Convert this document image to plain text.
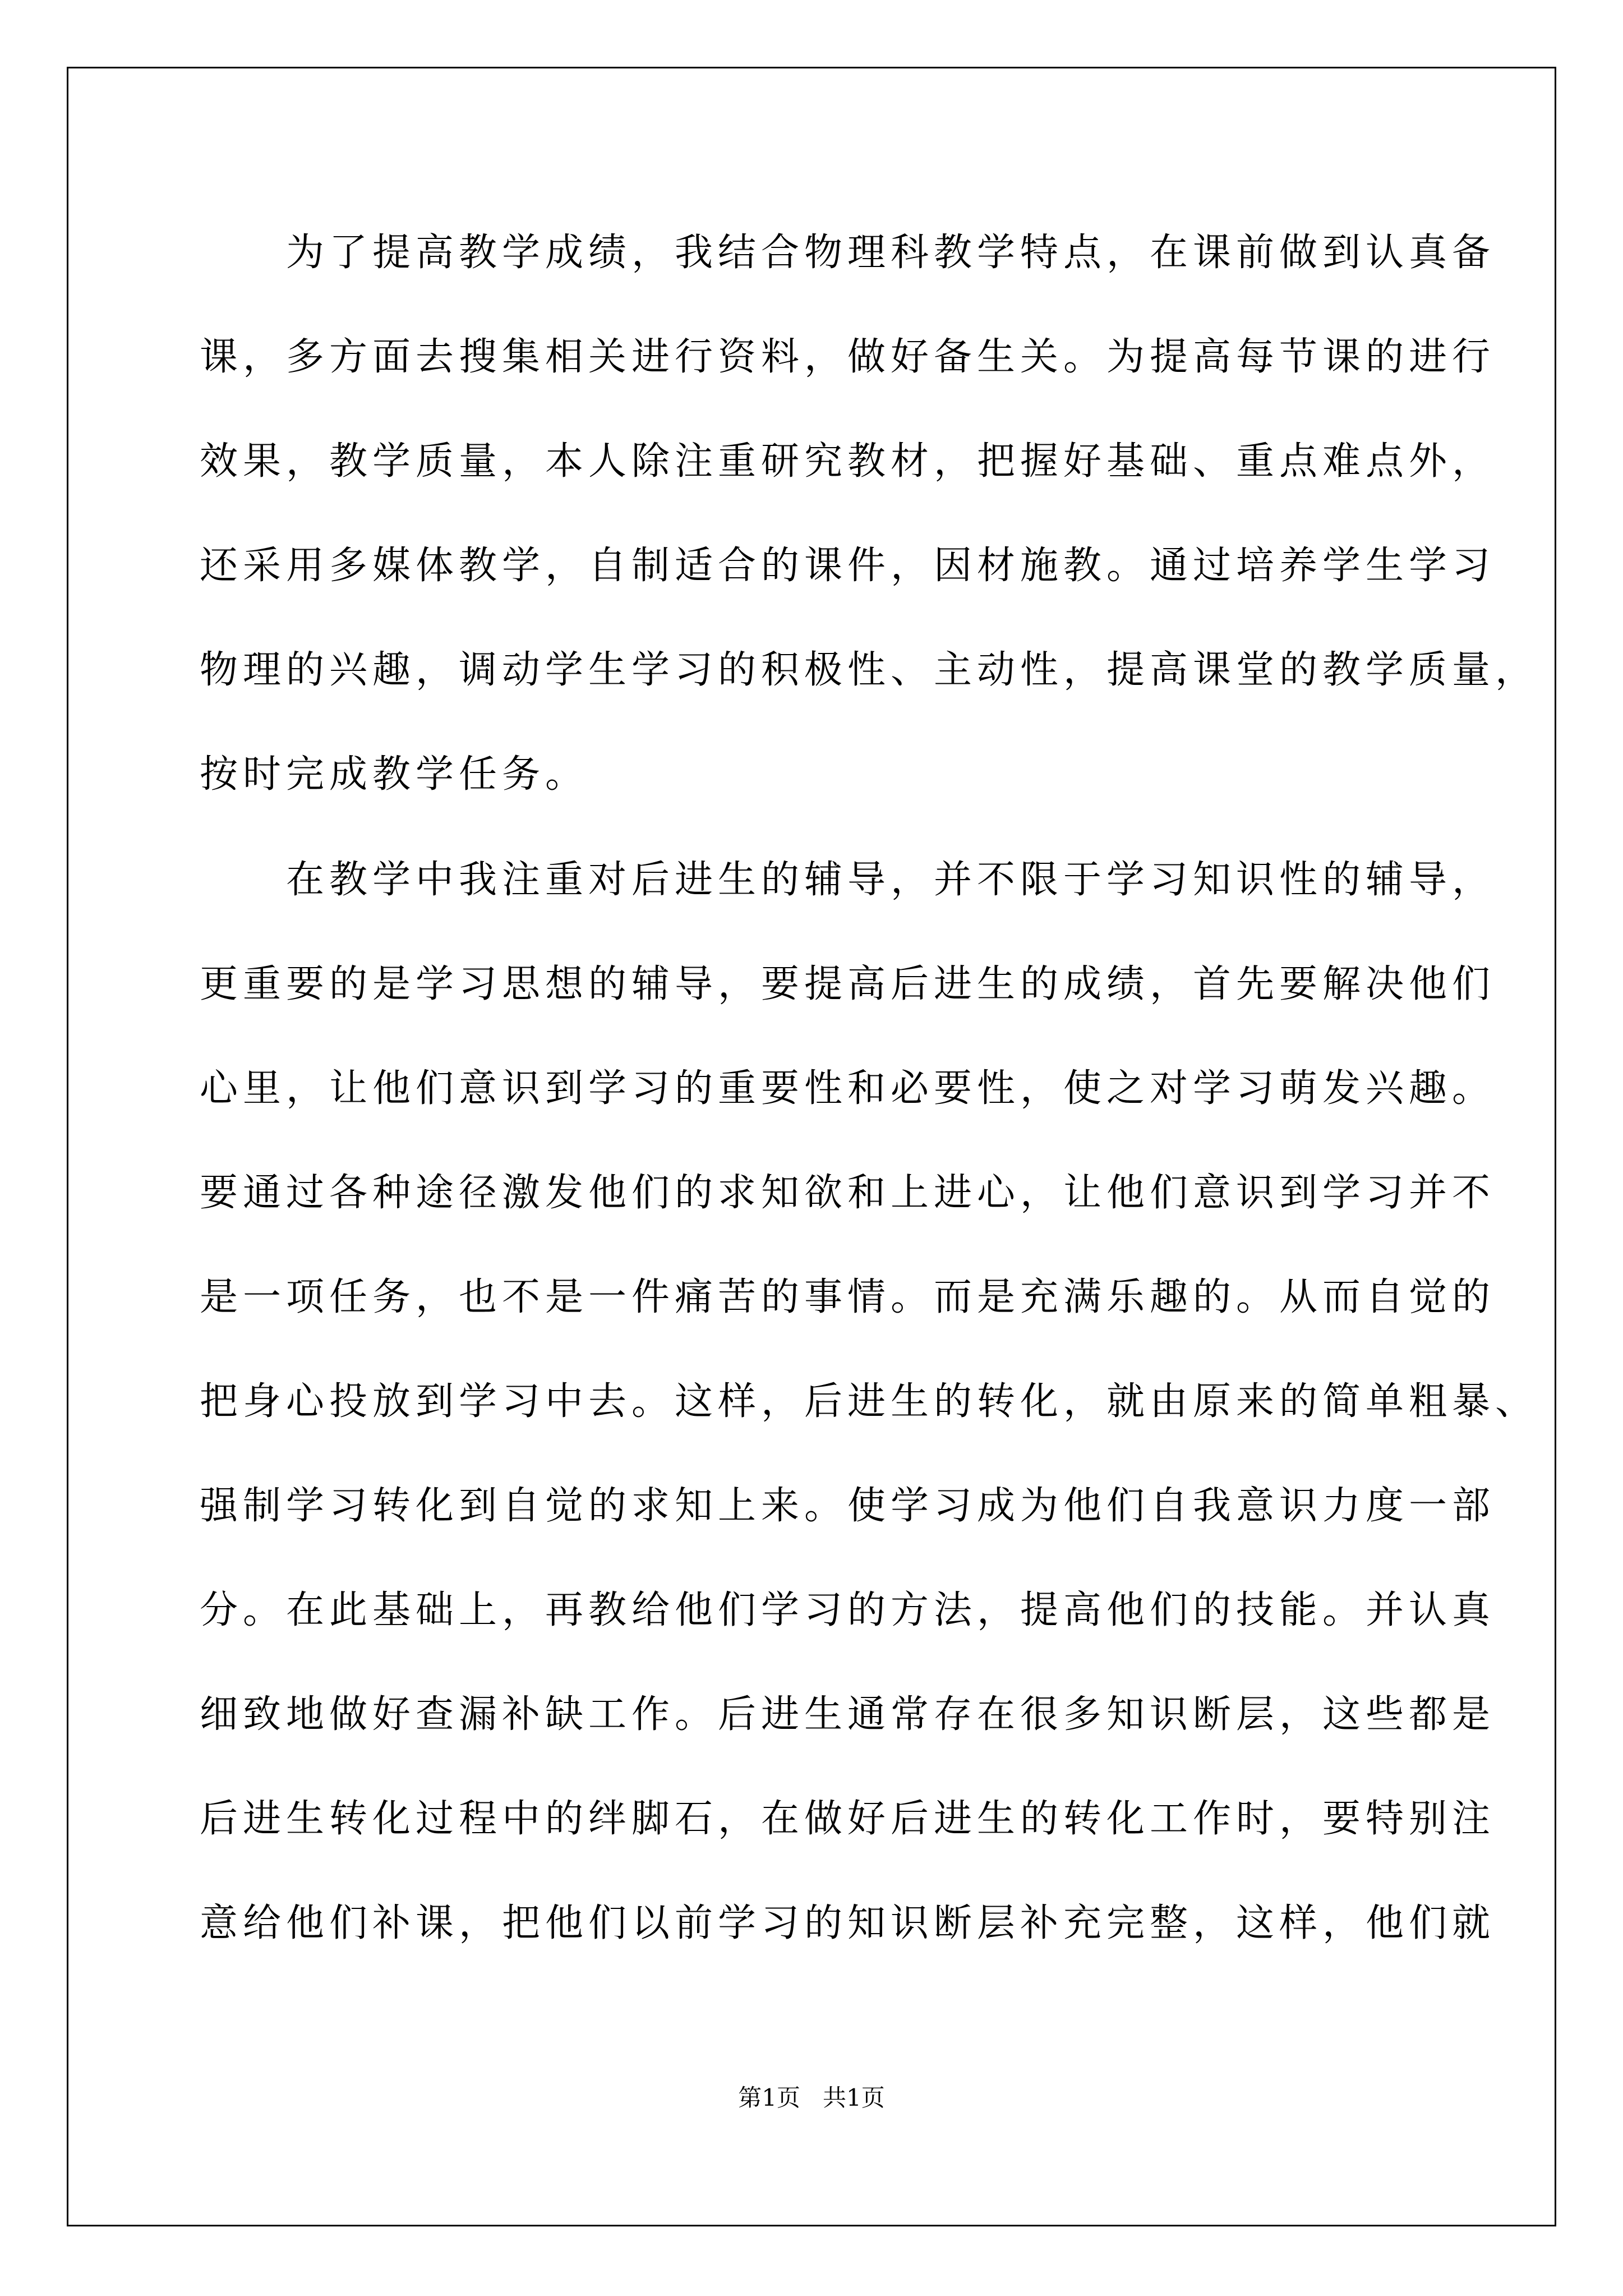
为了提高教学成绩，我结合物理科教学特点，在课前做到认真备
课，多方面去搜集相关进行资料，做好备生关。为提高每节课的进行
效果，教学质量，本人除注重研究教材，把握好基础、重点难点外，
还采用多媒体教学，自制适合的课件，因材施教。通过培养学生学习
物理的兴趣，调动学生学习的积极性、主动性，提高课堂的教学质量，
按时完成教学任务。
在教学中我注重对后进生的辅导，并不限于学习知识性的辅导，
更重要的是学习思想的辅导，要提高后进生的成绩，首先要解决他们
心里，让他们意识到学习的重要性和必要性，使之对学习萌发兴趣。
要通过各种途径激发他们的求知欲和上进心，让他们意识到学习并不
是一项任务，也不是一件痛苦的事情。而是充满乐趣的。从而自觉的
把身心投放到学习中去。这样，后进生的转化，就由原来的简单粗暴、
强制学习转化到自觉的求知上来。使学习成为他们自我意识力度一部
分。在此基础上，再教给他们学习的方法，提高他们的技能。并认真
细致地做好查漏补缺工作。后进生通常存在很多知识断层，这些都是
后进生转化过程中的绊脚石，在做好后进生的转化工作时，要特别注
意给他们补课，把他们以前学习的知识断层补充完整，这样，他们就
第1页   共1页
